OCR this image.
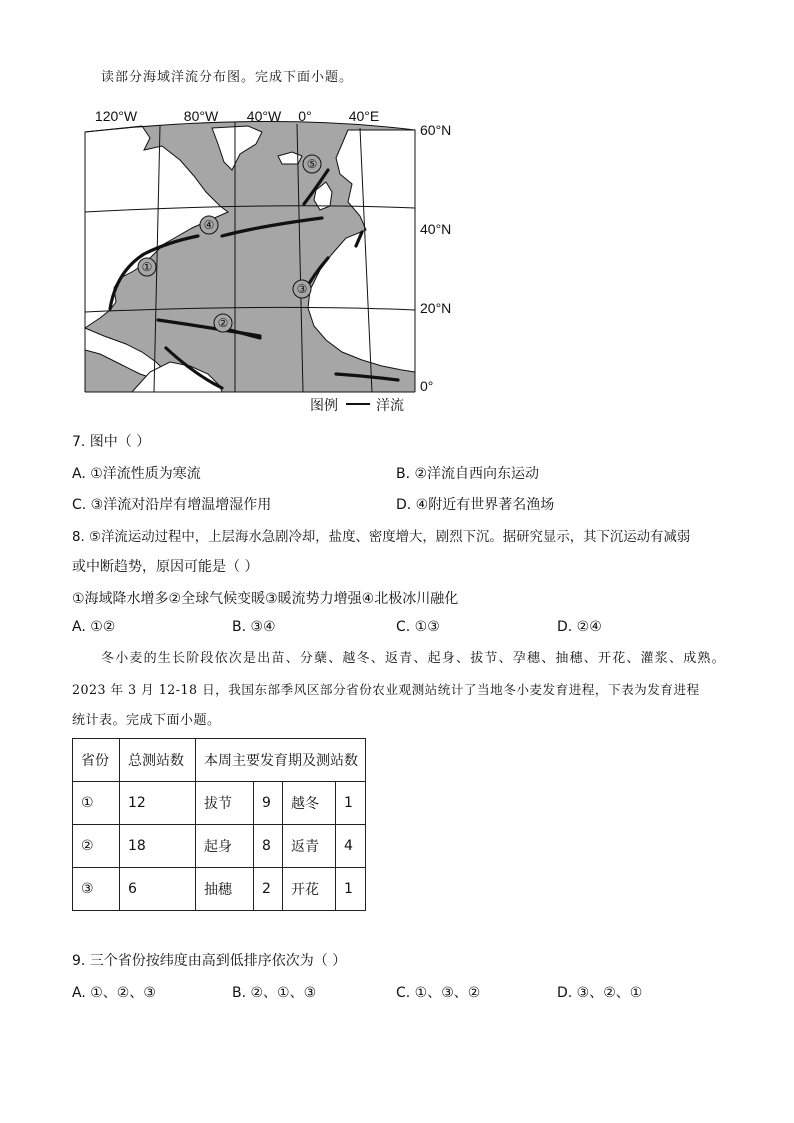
读部分海域洋流分布图。完成下面小题。
①
②
③
④
⑤
120°W	80°W 40°W 0°	40°E
60°N
40°N
20°N
0°
图例	洋流
7. 图中（ ）
A. ①洋流性质为寒流	B. ②洋流自西向东运动
C. ③洋流对沿岸有增温增湿作用	D. ④附近有世界著名渔场
8. ⑤洋流运动过程中，上层海水急剧冷却，盐度、密度增大，剧烈下沉。据研究显示，其下沉运动有减弱
或中断趋势，原因可能是（ ）
①海域降水增多②全球气候变暖③暖流势力增强④北极冰川融化
A. ①②	B. ③④	C. ①③	D. ②④
冬小麦的生长阶段依次是出苗、分蘖、越冬、返青、起身、拔节、孕穗、抽穗、开花、灌浆、成熟。
2023 年 3 月 12-18 日，我国东部季风区部分省份农业观测站统计了当地冬小麦发育进程，下表为发育进程
统计表。完成下面小题。
省份	总测站数	本周主要发育期及测站数			
①	12	拔节	9	越冬	1
②	18	起身	8	返青	4
③	6	抽穗	2	开花	1
9. 三个省份按纬度由高到低排序依次为（ ）
A. ①、②、③	B. ②、①、③	C. ①、③、②	D. ③、②、①
